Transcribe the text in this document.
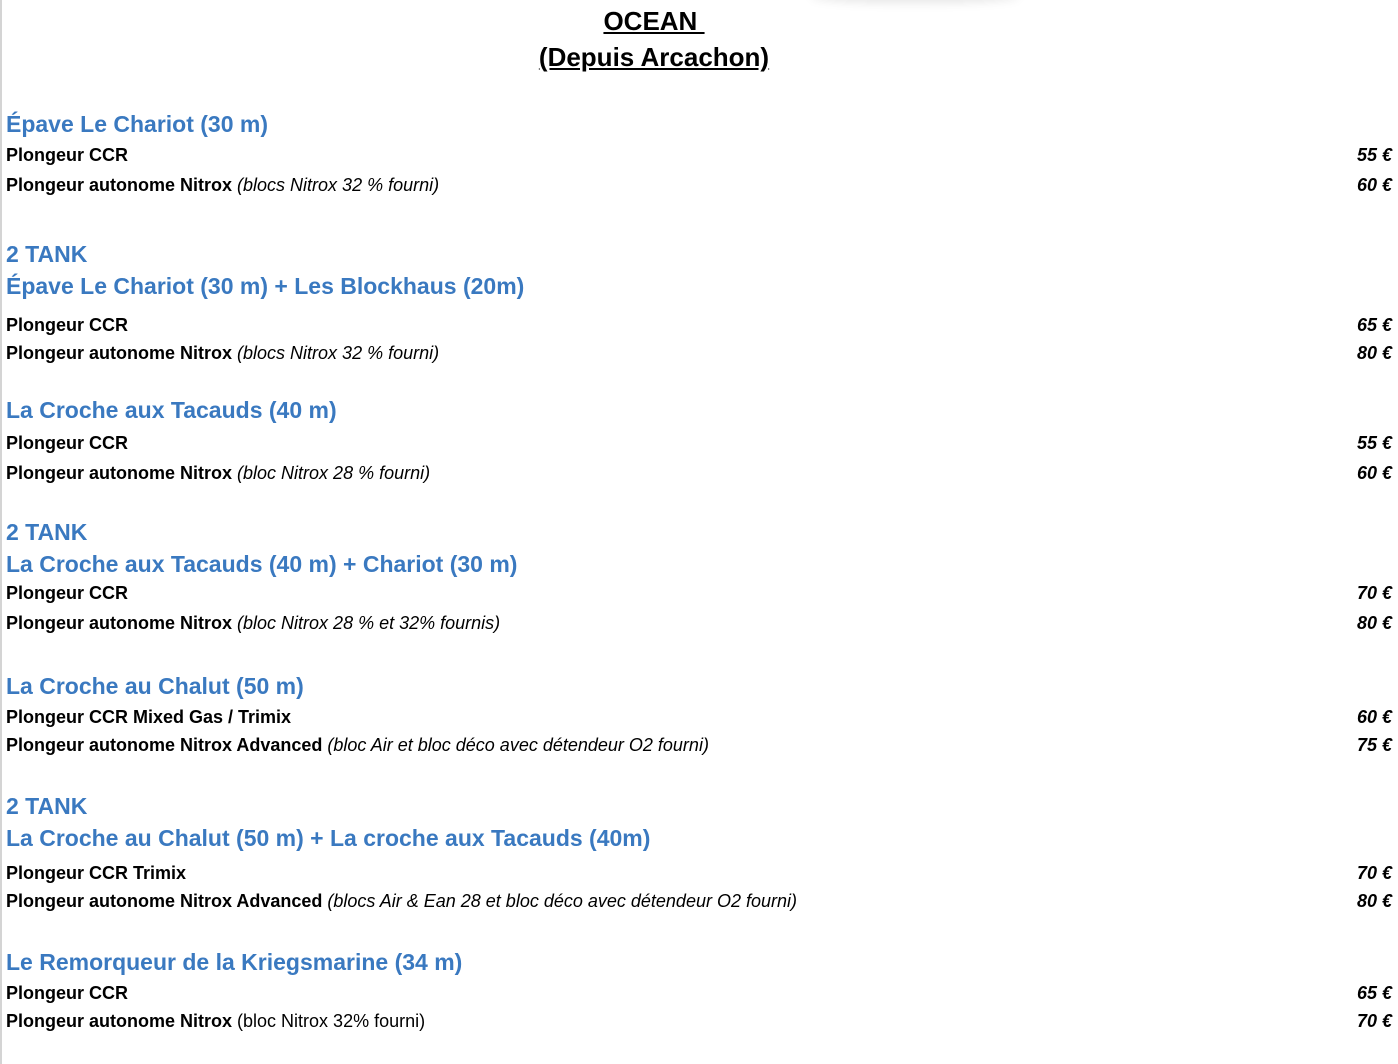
OCEAN
(Depuis Arcachon)
Épave Le Chariot (30 m)
Plongeur CCR	55 €
Plongeur autonome Nitrox (blocs Nitrox 32 % fourni)	60 €
2 TANK
Épave Le Chariot (30 m) + Les Blockhaus (20m)
Plongeur CCR	65 €
Plongeur autonome Nitrox (blocs Nitrox 32 % fourni)	80 €
La Croche aux Tacauds (40 m)
Plongeur CCR	55 €
Plongeur autonome Nitrox (bloc Nitrox 28 % fourni)	60 €
2 TANK
La Croche aux Tacauds (40 m) + Chariot (30 m)
Plongeur CCR	70 €
Plongeur autonome Nitrox (bloc Nitrox 28 % et 32% fournis)	80 €
La Croche au Chalut (50 m)
Plongeur CCR Mixed Gas / Trimix	60 €
Plongeur autonome Nitrox Advanced (bloc Air et bloc déco avec détendeur O2 fourni)	75 €
2 TANK
La Croche au Chalut (50 m) + La croche aux Tacauds (40m)
Plongeur CCR Trimix	70 €
Plongeur autonome Nitrox Advanced (blocs Air & Ean 28 et bloc déco avec détendeur O2 fourni)	80 €
Le Remorqueur de la Kriegsmarine (34 m)
Plongeur CCR	65 €
Plongeur autonome Nitrox (bloc Nitrox 32% fourni)	70 €
